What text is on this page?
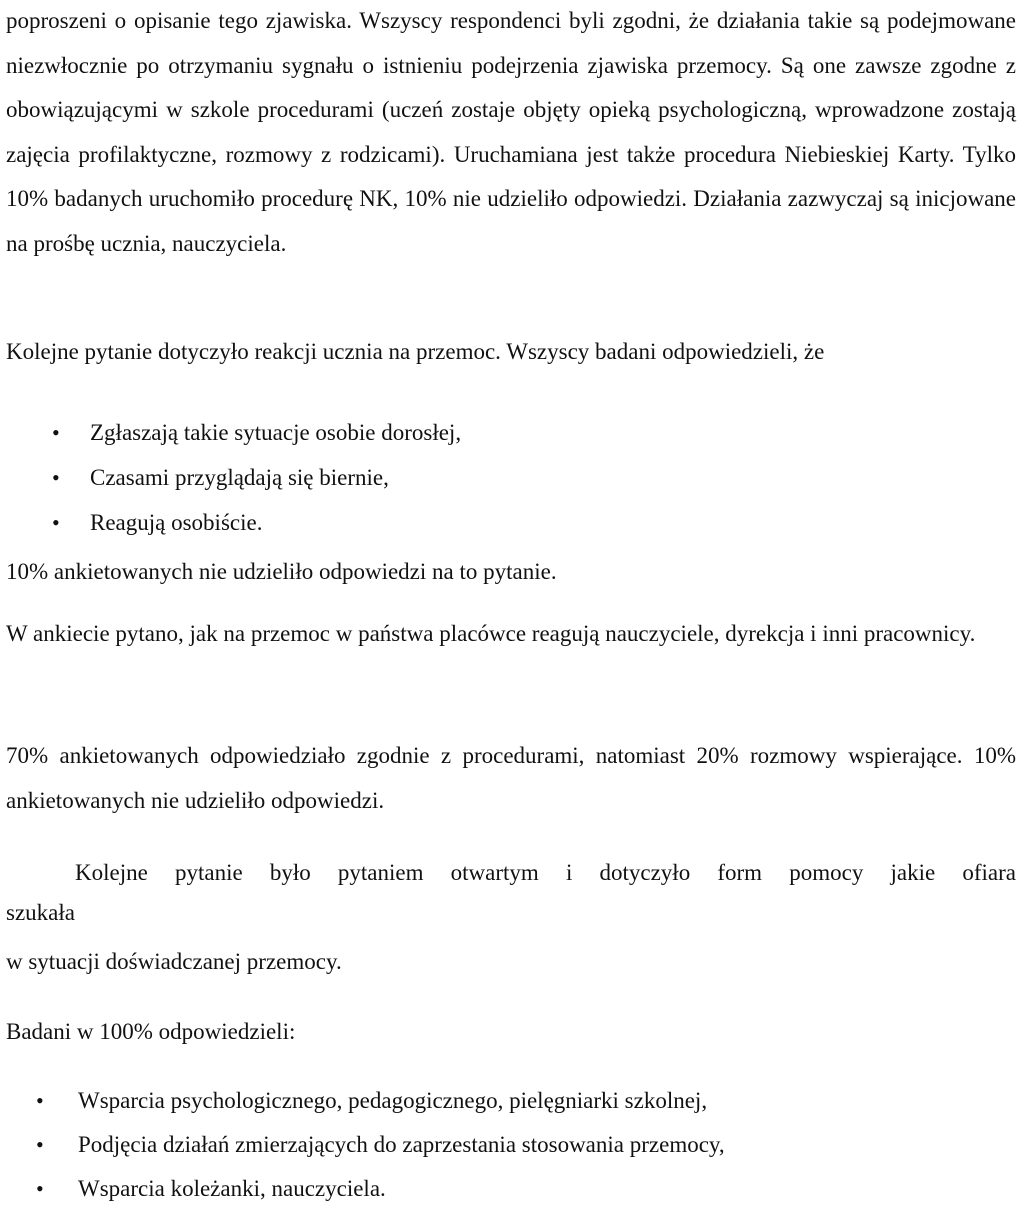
poproszeni o opisanie tego zjawiska. Wszyscy respondenci byli zgodni, że działania takie są podejmowane niezwłocznie po otrzymaniu sygnału o istnieniu podejrzenia zjawiska przemocy. Są one zawsze zgodne z obowiązującymi w szkole procedurami (uczeń zostaje objęty opieką psychologiczną, wprowadzone zostają zajęcia profilaktyczne, rozmowy z rodzicami). Uruchamiana jest także procedura Niebieskiej Karty. Tylko 10% badanych uruchomiło procedurę NK, 10% nie udzieliło odpowiedzi. Działania zazwyczaj są inicjowane na prośbę ucznia, nauczyciela.

Kolejne pytanie dotyczyło reakcji ucznia na przemoc. Wszyscy badani odpowiedzieli, że

• Zgłaszają takie sytuacje osobie dorosłej,
• Czasami przyglądają się biernie,
• Reagują osobiście.

10% ankietowanych nie udzieliło odpowiedzi na to pytanie.

W ankiecie pytano, jak na przemoc w państwa placówce reagują nauczyciele, dyrekcja i inni pracownicy.

70% ankietowanych odpowiedziało zgodnie z procedurami, natomiast 20% rozmowy wspierające. 10% ankietowanych nie udzieliło odpowiedzi.

Kolejne pytanie było pytaniem otwartym i dotyczyło form pomocy jakie ofiara

szukała

w sytuacji doświadczanej przemocy.

Badani w 100% odpowiedzieli:

• Wsparcia psychologicznego, pedagogicznego, pielęgniarki szkolnej,
• Podjęcia działań zmierzających do zaprzestania stosowania przemocy,
• Wsparcia koleżanki, nauczyciela.
